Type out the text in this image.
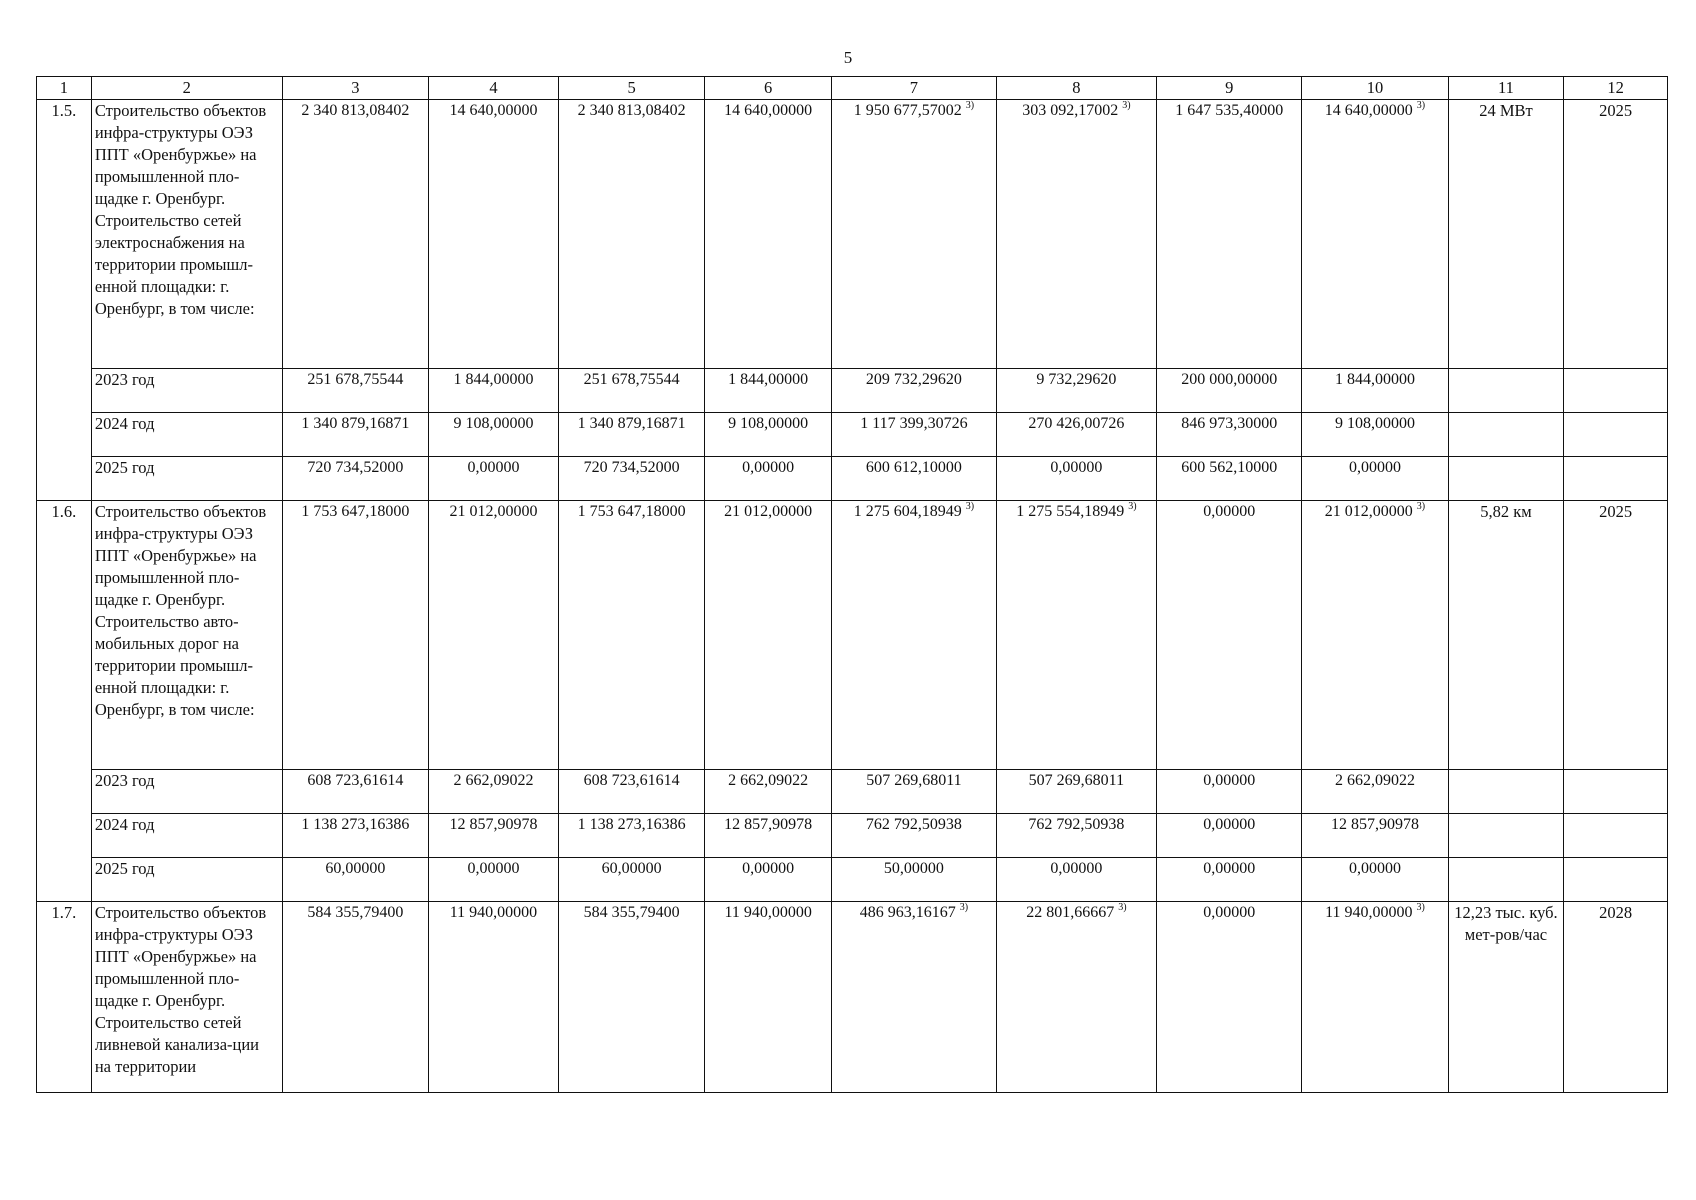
5
1	2	3	4	5	6	7	8	9	10	11	12
1.5.	Строительство объектов инфра-структуры ОЭЗ ППТ «Оренбуржье» на промышленной пло-щадке г. Оренбург. Строительство сетей электроснабжения на территории промышл-енной площадки: г. Оренбург, в том числе:	2 340 813,08402	14 640,00000	2 340 813,08402	14 640,00000	1 950 677,57002 $^{3)}$	303 092,17002 $^{3)}$	1 647 535,40000	14 640,00000 $^{3)}$	24 МВт	2025
	2023 год	251 678,75544	1 844,00000	251 678,75544	1 844,00000	209 732,29620	9 732,29620	200 000,00000	1 844,00000		
	2024 год	1 340 879,16871	9 108,00000	1 340 879,16871	9 108,00000	1 117 399,30726	270 426,00726	846 973,30000	9 108,00000		
	2025 год	720 734,52000	0,00000	720 734,52000	0,00000	600 612,10000	0,00000	600 562,10000	0,00000		
1.6.	Строительство объектов инфра-структуры ОЭЗ ППТ «Оренбуржье» на промышленной пло-щадке г. Оренбург. Строительство авто-мобильных дорог на территории промышл-енной площадки: г. Оренбург, в том числе:	1 753 647,18000	21 012,00000	1 753 647,18000	21 012,00000	1 275 604,18949 $^{3)}$	1 275 554,18949 $^{3)}$	0,00000	21 012,00000 $^{3)}$	5,82 км	2025
	2023 год	608 723,61614	2 662,09022	608 723,61614	2 662,09022	507 269,68011	507 269,68011	0,00000	2 662,09022		
	2024 год	1 138 273,16386	12 857,90978	1 138 273,16386	12 857,90978	762 792,50938	762 792,50938	0,00000	12 857,90978		
	2025 год	60,00000	0,00000	60,00000	0,00000	50,00000	0,00000	0,00000	0,00000		
1.7.	Строительство объектов инфра-структуры ОЭЗ ППТ «Оренбуржье» на промышленной пло-щадке г. Оренбург. Строительство сетей ливневой канализа-ции на территории	584 355,79400	11 940,00000	584 355,79400	11 940,00000	486 963,16167 $^{3)}$	22 801,66667 $^{3)}$	0,00000	11 940,00000 $^{3)}$	12,23 тыс. куб. мет-ров/час	2028
